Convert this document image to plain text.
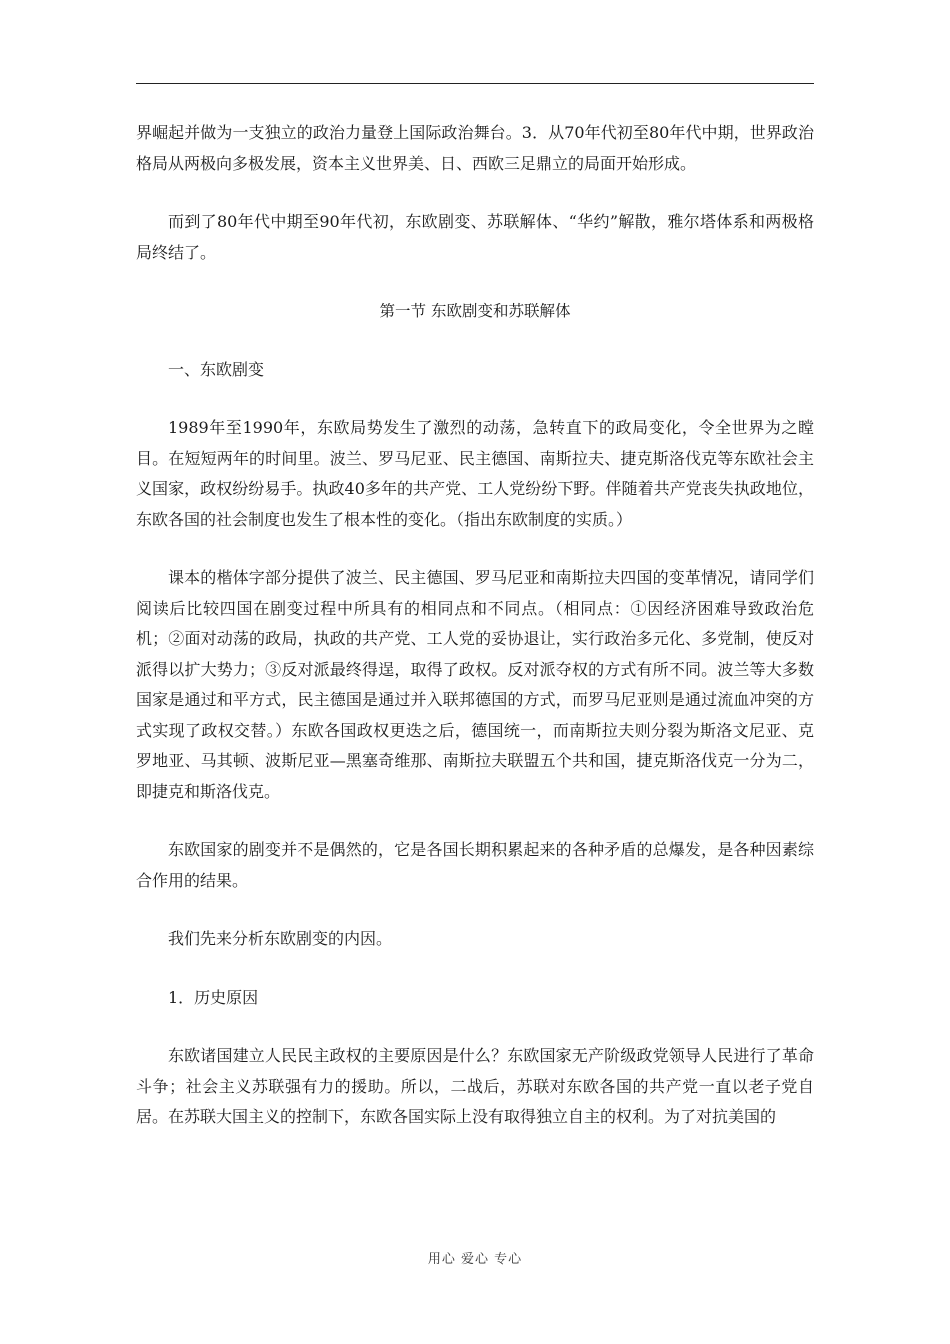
界崛起并做为一支独立的政治力量登上国际政治舞台。3．从70年代初至80年代中期，世界政治格局从两极向多极发展，资本主义世界美、日、西欧三足鼎立的局面开始形成。

而到了80年代中期至90年代初，东欧剧变、苏联解体、“华约”解散，雅尔塔体系和两极格局终结了。

第一节 东欧剧变和苏联解体

一、东欧剧变

1989年至1990年，东欧局势发生了激烈的动荡，急转直下的政局变化，令全世界为之瞠目。在短短两年的时间里。波兰、罗马尼亚、民主德国、南斯拉夫、捷克斯洛伐克等东欧社会主义国家，政权纷纷易手。执政40多年的共产党、工人党纷纷下野。伴随着共产党丧失执政地位，东欧各国的社会制度也发生了根本性的变化。（指出东欧制度的实质。）

课本的楷体字部分提供了波兰、民主德国、罗马尼亚和南斯拉夫四国的变革情况，请同学们阅读后比较四国在剧变过程中所具有的相同点和不同点。（相同点：①因经济困难导致政治危机；②面对动荡的政局，执政的共产党、工人党的妥协退让，实行政治多元化、多党制，使反对派得以扩大势力；③反对派最终得逞，取得了政权。反对派夺权的方式有所不同。波兰等大多数国家是通过和平方式，民主德国是通过并入联邦德国的方式，而罗马尼亚则是通过流血冲突的方式实现了政权交替。）东欧各国政权更迭之后，德国统一，而南斯拉夫则分裂为斯洛文尼亚、克罗地亚、马其顿、波斯尼亚—黑塞奇维那、南斯拉夫联盟五个共和国，捷克斯洛伐克一分为二，即捷克和斯洛伐克。

东欧国家的剧变并不是偶然的，它是各国长期积累起来的各种矛盾的总爆发，是各种因素综合作用的结果。

我们先来分析东欧剧变的内因。

1．历史原因

东欧诸国建立人民民主政权的主要原因是什么？东欧国家无产阶级政党领导人民进行了革命斗争；社会主义苏联强有力的援助。所以，二战后，苏联对东欧各国的共产党一直以老子党自居。在苏联大国主义的控制下，东欧各国实际上没有取得独立自主的权利。为了对抗美国的

用心 爱心 专心
